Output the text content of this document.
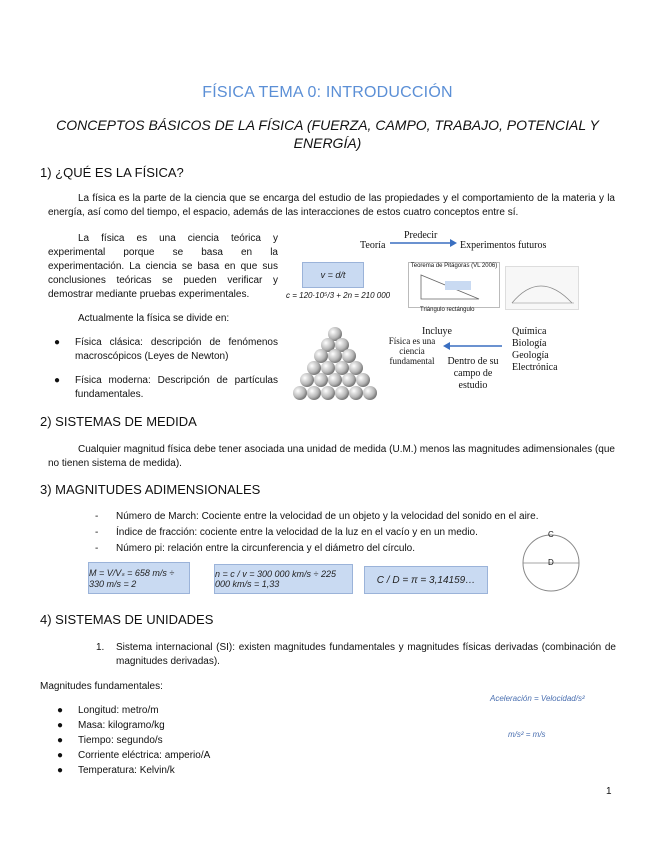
FÍSICA TEMA 0: INTRODUCCIÓN
CONCEPTOS BÁSICOS DE LA FÍSICA (FUERZA, CAMPO, TRABAJO, POTENCIAL Y ENERGÍA)
1) ¿QUÉ ES LA FÍSICA?
La física es la parte de la ciencia que se encarga del estudio de las propiedades y el comportamiento de la materia y la energía, así como del tiempo, el espacio, además de las interacciones de estos cuatro conceptos entre sí.
La física es una ciencia teórica y experimental porque se basa en la experimentación. La ciencia se basa en que sus conclusiones teóricas se pueden verificar y demostrar mediante pruebas experimentales.
Actualmente la física se divide en:
● Física clásica: descripción de fenómenos macroscópicos (Leyes de Newton)
● Física moderna: Descripción de partículas fundamentales.
Predecir
Teoría	Experimentos futuros
v = d/t
c = 120·10⁵/3 + 2n = 210 000
Teorema de Pitágoras (VL 2006)
Triángulo rectángulo
Incluye
Física es una ciencia fundamental	Dentro de su campo de estudio
Química
Biología
Geología
Electrónica
2) SISTEMAS DE MEDIDA
Cualquier magnitud física debe tener asociada una unidad de medida (U.M.) menos las magnitudes adimensionales (que no tienen sistema de medida).
3) MAGNITUDES ADIMENSIONALES
- Número de March: Cociente entre la velocidad de un objeto y la velocidad del sonido en el aire.
- Índice de fracción: cociente entre la velocidad de la luz en el vacío y en un medio.
- Número pi: relación entre la circunferencia y el diámetro del círculo.
M = V/Vₛ = 658 m/s ÷ 330 m/s = 2
n = c / v = 300 000 km/s ÷ 225 000 km/s = 1,33	C / D = π = 3,14159…
C
D
4) SISTEMAS DE UNIDADES
1. Sistema internacional (SI): existen magnitudes fundamentales y magnitudes físicas derivadas (combinación de magnitudes derivadas).
Magnitudes fundamentales:
● Longitud: metro/m
● Masa: kilogramo/kg
● Tiempo: segundo/s
● Corriente eléctrica: amperio/A
● Temperatura: Kelvin/k
Aceleración = Velocidad/s²
m/s² = m/s
1
